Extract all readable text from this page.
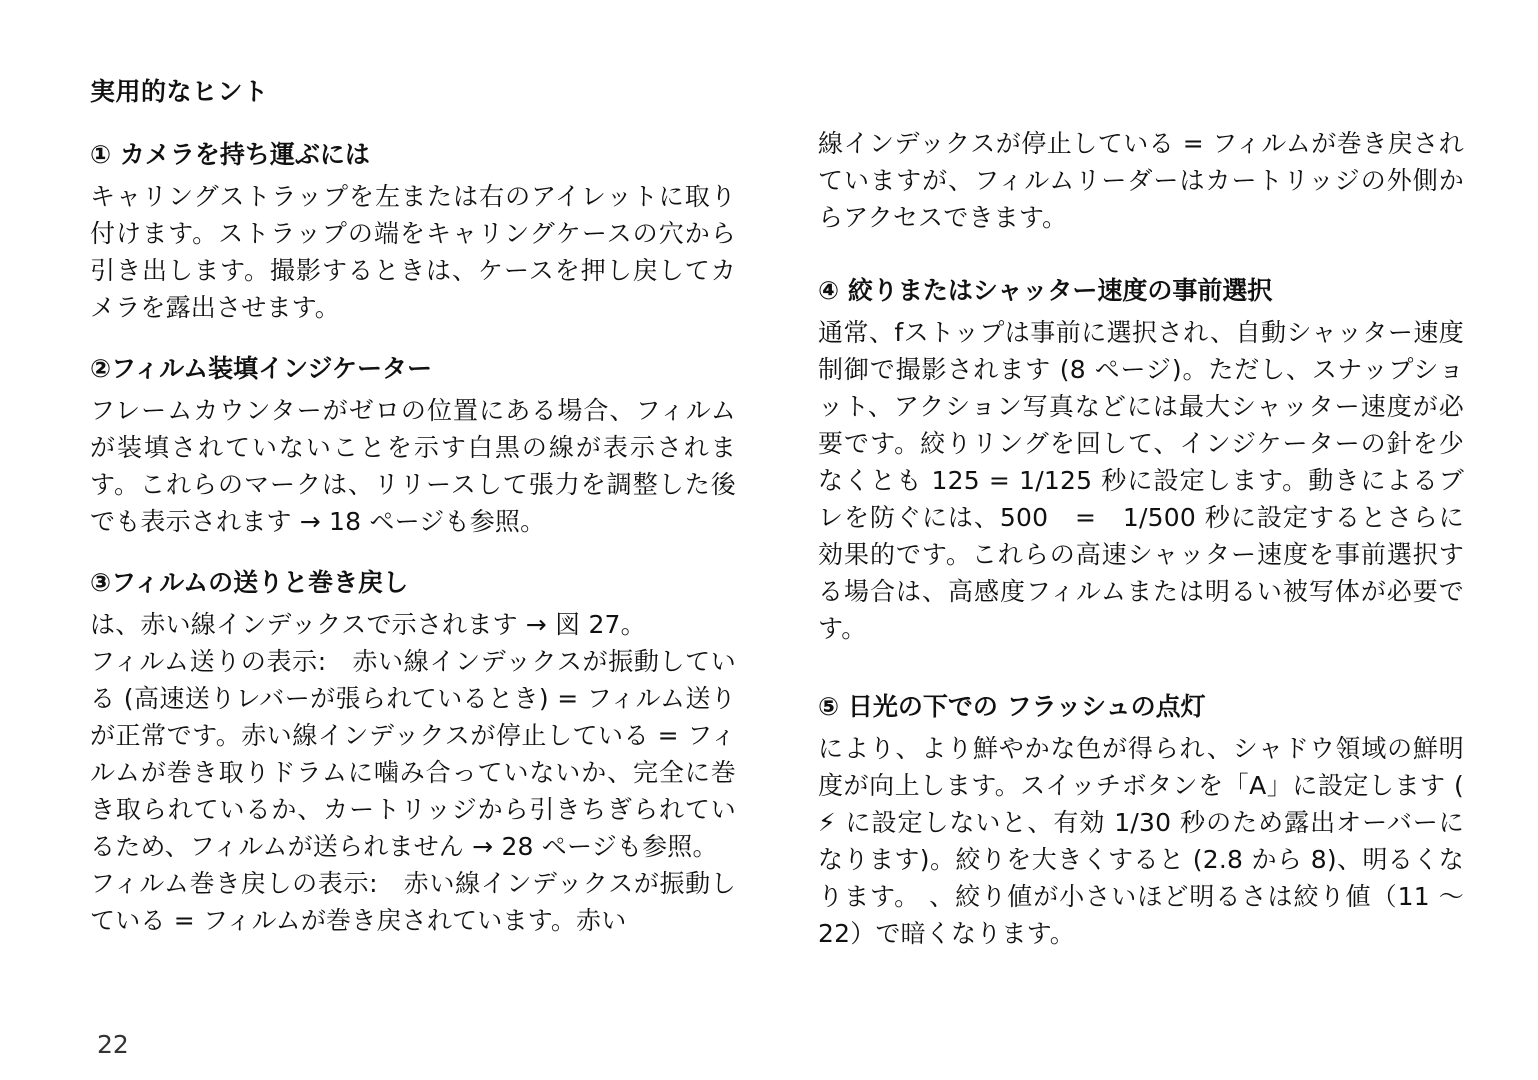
実用的なヒント
① カメラを持ち運ぶには

キャリングストラップを左または右のアイレットに取り付けます。ストラップの端をキャリングケースの穴から引き出します。撮影するときは、ケースを押し戻してカメラを露出させます。

②フィルム装填インジケーター

フレームカウンターがゼロの位置にある場合、フィルムが装填されていないことを示す白黒の線が表示されます。これらのマークは、リリースして張力を調整した後でも表示されます → 18 ページも参照。

③フィルムの送りと巻き戻し

は、赤い線インデックスで示されます → 図 27。

フィルム送りの表示:　赤い線インデックスが振動している (高速送りレバーが張られているとき) = フィルム送りが正常です。赤い線インデックスが停止している = フィルムが巻き取りドラムに噛み合っていないか、完全に巻き取られているか、カートリッジから引きちぎられているため、フィルムが送られません → 28 ページも参照。

フィルム巻き戻しの表示:　赤い線インデックスが振動している = フィルムが巻き戻されています。赤い

線インデックスが停止している = フィルムが巻き戻されていますが、フィルムリーダーはカートリッジの外側からアクセスできます。

④ 絞りまたはシャッター速度の事前選択

通常、fストップは事前に選択され、自動シャッター速度制御で撮影されます (8 ページ)。ただし、スナップショット、アクション写真などには最大シャッター速度が必要です。絞りリングを回して、インジケーターの針を少なくとも 125 = 1/125 秒に設定します。動きによるブレを防ぐには、500　=　1/500 秒に設定するとさらに効果的です。これらの高速シャッター速度を事前選択する場合は、高感度フィルムまたは明るい被写体が必要です。

⑤ 日光の下での フラッシュの点灯

により、より鮮やかな色が得られ、シャドウ領域の鮮明度が向上します。スイッチボタンを「A」に設定します ( ⚡ に設定しないと、有効 1/30 秒のため露出オーバーになります)。絞りを大きくすると (2.8 から 8)、明るくなります。 、絞り値が小さいほど明るさは絞り値（11 〜 22）で暗くなります。

22
